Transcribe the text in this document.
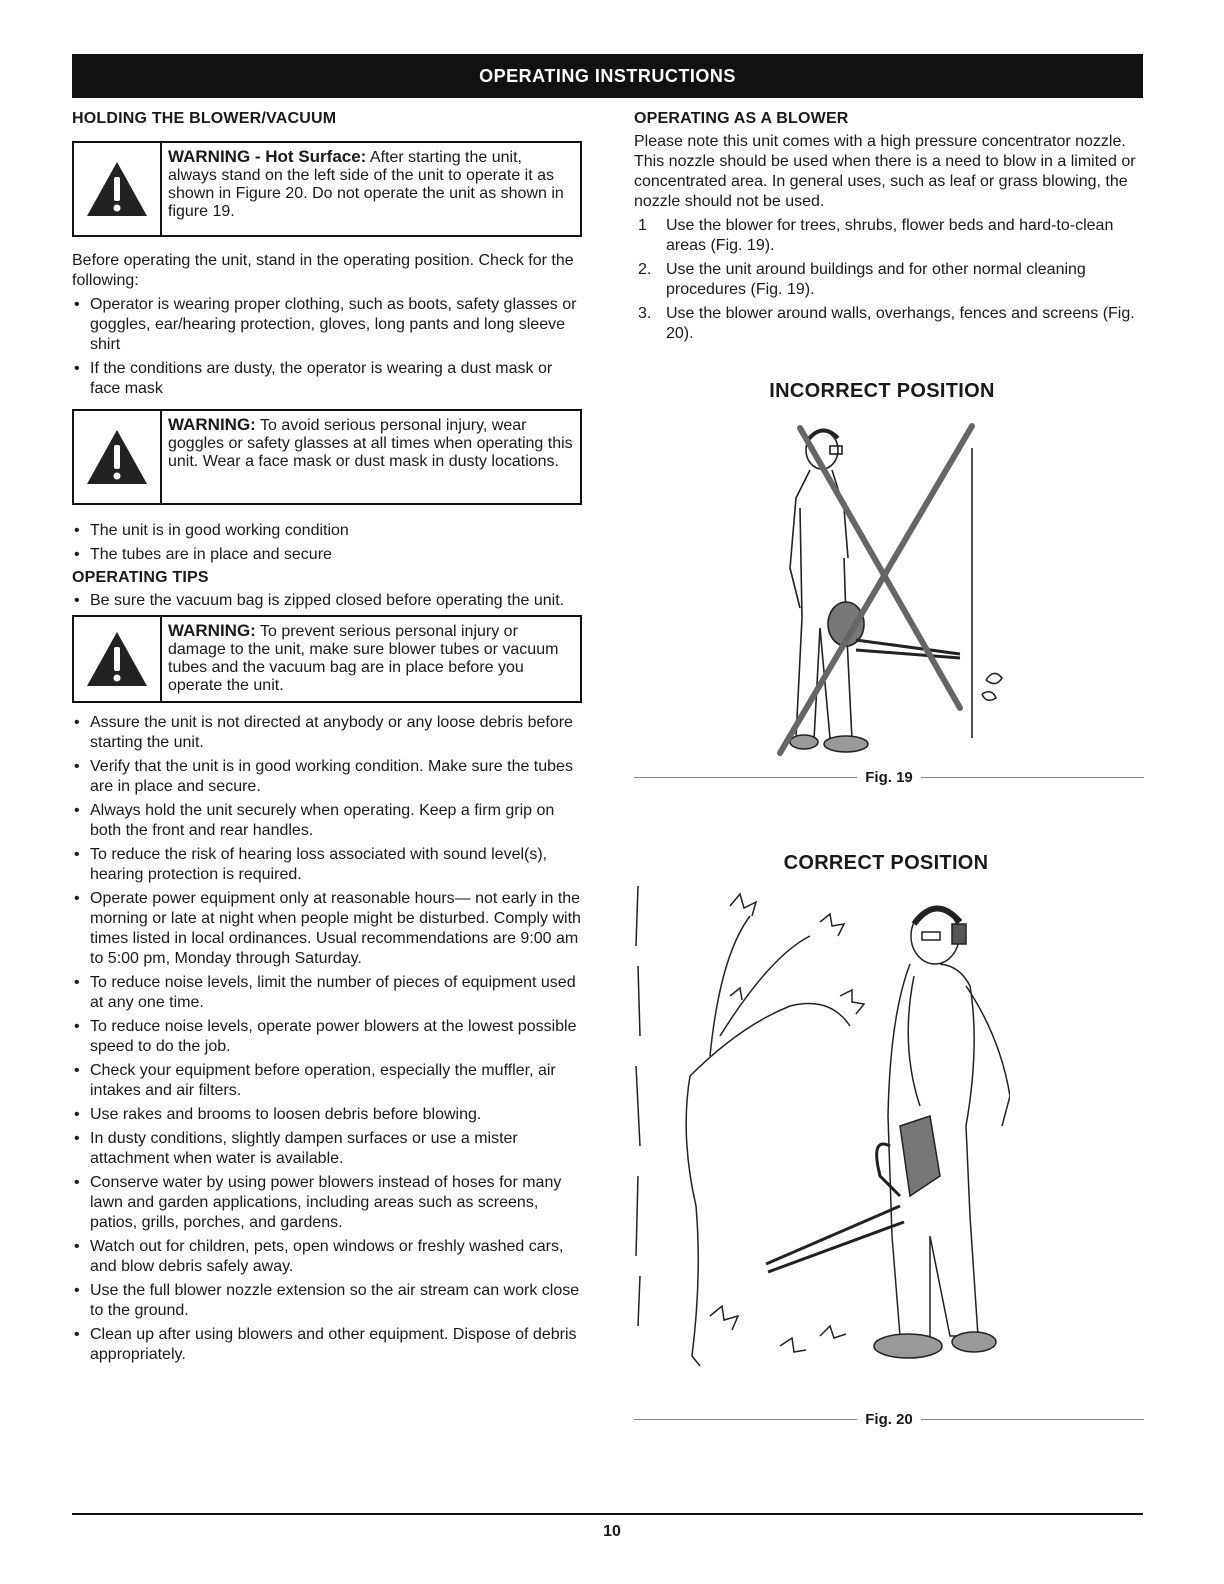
OPERATING INSTRUCTIONS
HOLDING THE BLOWER/VACUUM
WARNING - Hot Surface: After starting the unit, always stand on the left side of the unit to operate it as shown in Figure 20. Do not operate the unit as shown in figure 19.

Before operating the unit, stand in the operating position. Check for the following:

• Operator is wearing proper clothing, such as boots, safety glasses or goggles, ear/hearing protection, gloves, long pants and long sleeve shirt
• If the conditions are dusty, the operator is wearing a dust mask or face mask
WARNING: To avoid serious personal injury, wear goggles or safety glasses at all times when operating this unit. Wear a face mask or dust mask in dusty locations.
• The unit is in good working condition
• The tubes are in place and secure
OPERATING TIPS
• Be sure the vacuum bag is zipped closed before operating the unit.
WARNING: To prevent serious personal injury or damage to the unit, make sure blower tubes or vacuum tubes and the vacuum bag are in place before you operate the unit.
• Assure the unit is not directed at anybody or any loose debris before starting the unit.
• Verify that the unit is in good working condition. Make sure the tubes are in place and secure.
• Always hold the unit securely when operating. Keep a firm grip on both the front and rear handles.
• To reduce the risk of hearing loss associated with sound level(s), hearing protection is required.
• Operate power equipment only at reasonable hours— not early in the morning or late at night when people might be disturbed. Comply with times listed in local ordinances. Usual recommendations are 9:00 am to 5:00 pm, Monday through Saturday.
• To reduce noise levels, limit the number of pieces of equipment used at any one time.
• To reduce noise levels, operate power blowers at the lowest possible speed to do the job.
• Check your equipment before operation, especially the muffler, air intakes and air filters.
• Use rakes and brooms to loosen debris before blowing.
• In dusty conditions, slightly dampen surfaces or use a mister attachment when water is available.
• Conserve water by using power blowers instead of hoses for many lawn and garden applications, including areas such as screens, patios, grills, porches, and gardens.
• Watch out for children, pets, open windows or freshly washed cars, and blow debris safely away.
• Use the full blower nozzle extension so the air stream can work close to the ground.
• Clean up after using blowers and other equipment. Dispose of debris appropriately.
OPERATING AS A BLOWER

Please note this unit comes with a high pressure concentrator nozzle. This nozzle should be used when there is a need to blow in a limited or concentrated area. In general uses, such as leaf or grass blowing, the nozzle should not be used.

1 Use the blower for trees, shrubs, flower beds and hard-to-clean areas (Fig. 19).
2. Use the unit around buildings and for other normal cleaning procedures (Fig. 19).
3. Use the blower around walls, overhangs, fences and screens (Fig. 20).
INCORRECT POSITION
Fig. 19
CORRECT POSITION
Fig. 20
10
